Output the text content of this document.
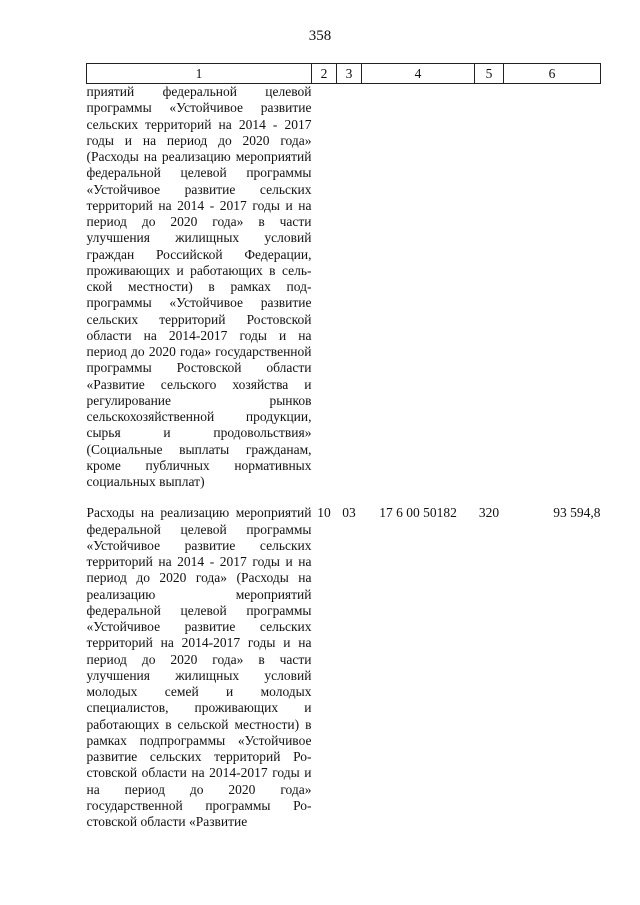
358
1	2	3	4	5	6
приятий федеральной целевой программы «Устойчивое развитие сельских территорий на 2014 - 2017 годы и на период до 2020 года» (Расходы на реализацию мероприятий федеральной целевой программы «Устойчивое развитие сельских территорий на 2014 - 2017 годы и на период до 2020 года» в части улучшения жилищных условий граждан Российской Федерации, проживающих и работающих в сельской местности) в рамках подпрограммы «Устойчивое развитие сельских территорий Ростовской области на 2014-2017 годы и на период до 2020 года» государственной программы Ростовской области «Развитие сельского хозяйства и регулирование рынков сельскохозяйственной продукции, сырья и продовольствия» (Социальные выплаты гражданам, кроме публичных нормативных социальных выплат)					

Расходы на реализацию мероприятий федеральной целевой программы «Устойчивое развитие сельских территорий на 2014 - 2017 годы и на период до 2020 года» (Расходы на реализацию мероприятий федеральной целевой программы «Устойчивое развитие сельских территорий на 2014-2017 годы и на период до 2020 года» в части улучшения жилищных условий молодых семей и молодых специалистов, проживающих и работающих в сельской местности) в рамках подпрограммы «Устойчивое развитие сельских территорий Ростовской области на 2014-2017 годы и на период до 2020 года» государственной программы Ростовской области «Развитие	10	03	17 6 00 50182	320	93 594,8
